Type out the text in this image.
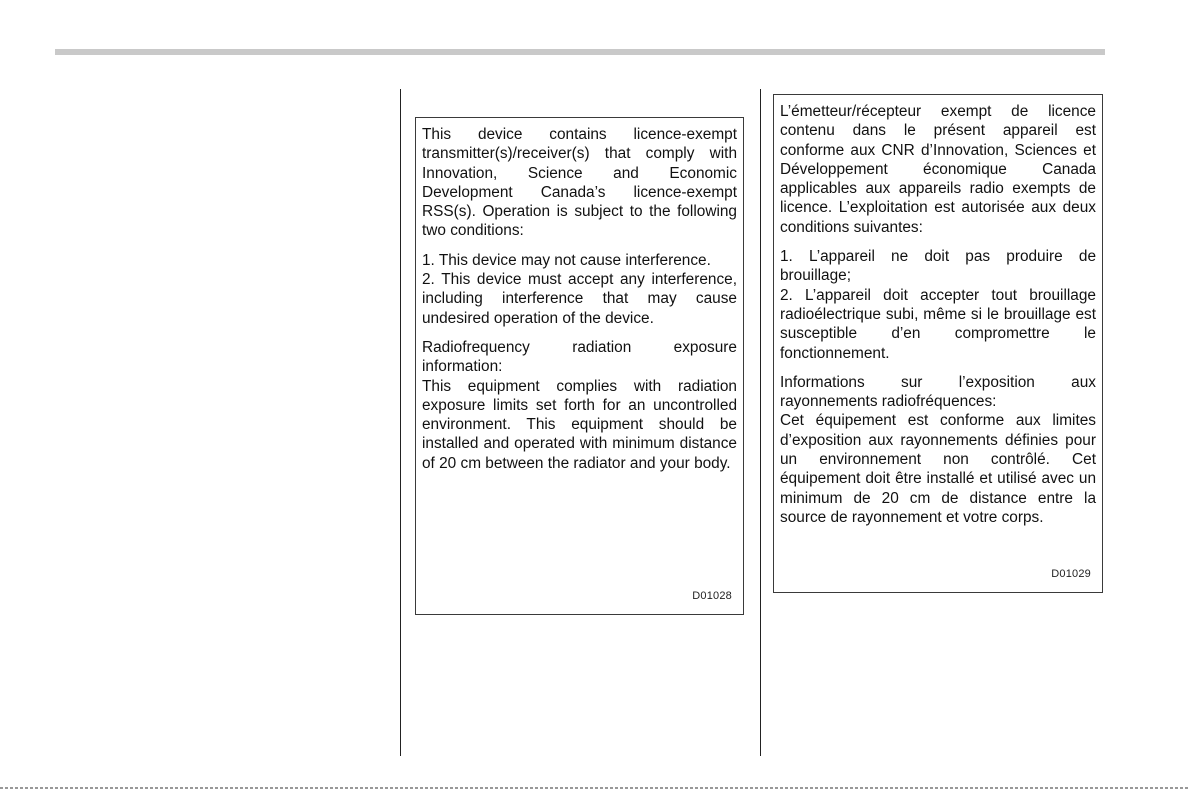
This device contains licence-exempt transmitter(s)/receiver(s) that comply with Innovation, Science and Economic Development Canada’s licence-exempt RSS(s). Operation is subject to the following two conditions:

1. This device may not cause interference.

2. This device must accept any interference, including interference that may cause undesired operation of the device.

Radiofrequency radiation exposure information:

This equipment complies with radiation exposure limits set forth for an uncontrolled environment. This equipment should be installed and operated with minimum distance of 20 cm between the radiator and your body.

D01028

L’émetteur/récepteur exempt de licence contenu dans le présent appareil est conforme aux CNR d’Innovation, Sciences et Développement économique Canada applicables aux appareils radio exempts de licence. L’exploitation est autorisée aux deux conditions suivantes:

1. L’appareil ne doit pas produire de brouillage;

2. L’appareil doit accepter tout brouillage radioélectrique subi, même si le brouillage est susceptible d’en compromettre le fonctionnement.

Informations sur l’exposition aux rayonnements radiofréquences:

Cet équipement est conforme aux limites d’exposition aux rayonnements définies pour un environnement non contrôlé. Cet équipement doit être installé et utilisé avec un minimum de 20 cm de distance entre la source de rayonnement et votre corps.

D01029
